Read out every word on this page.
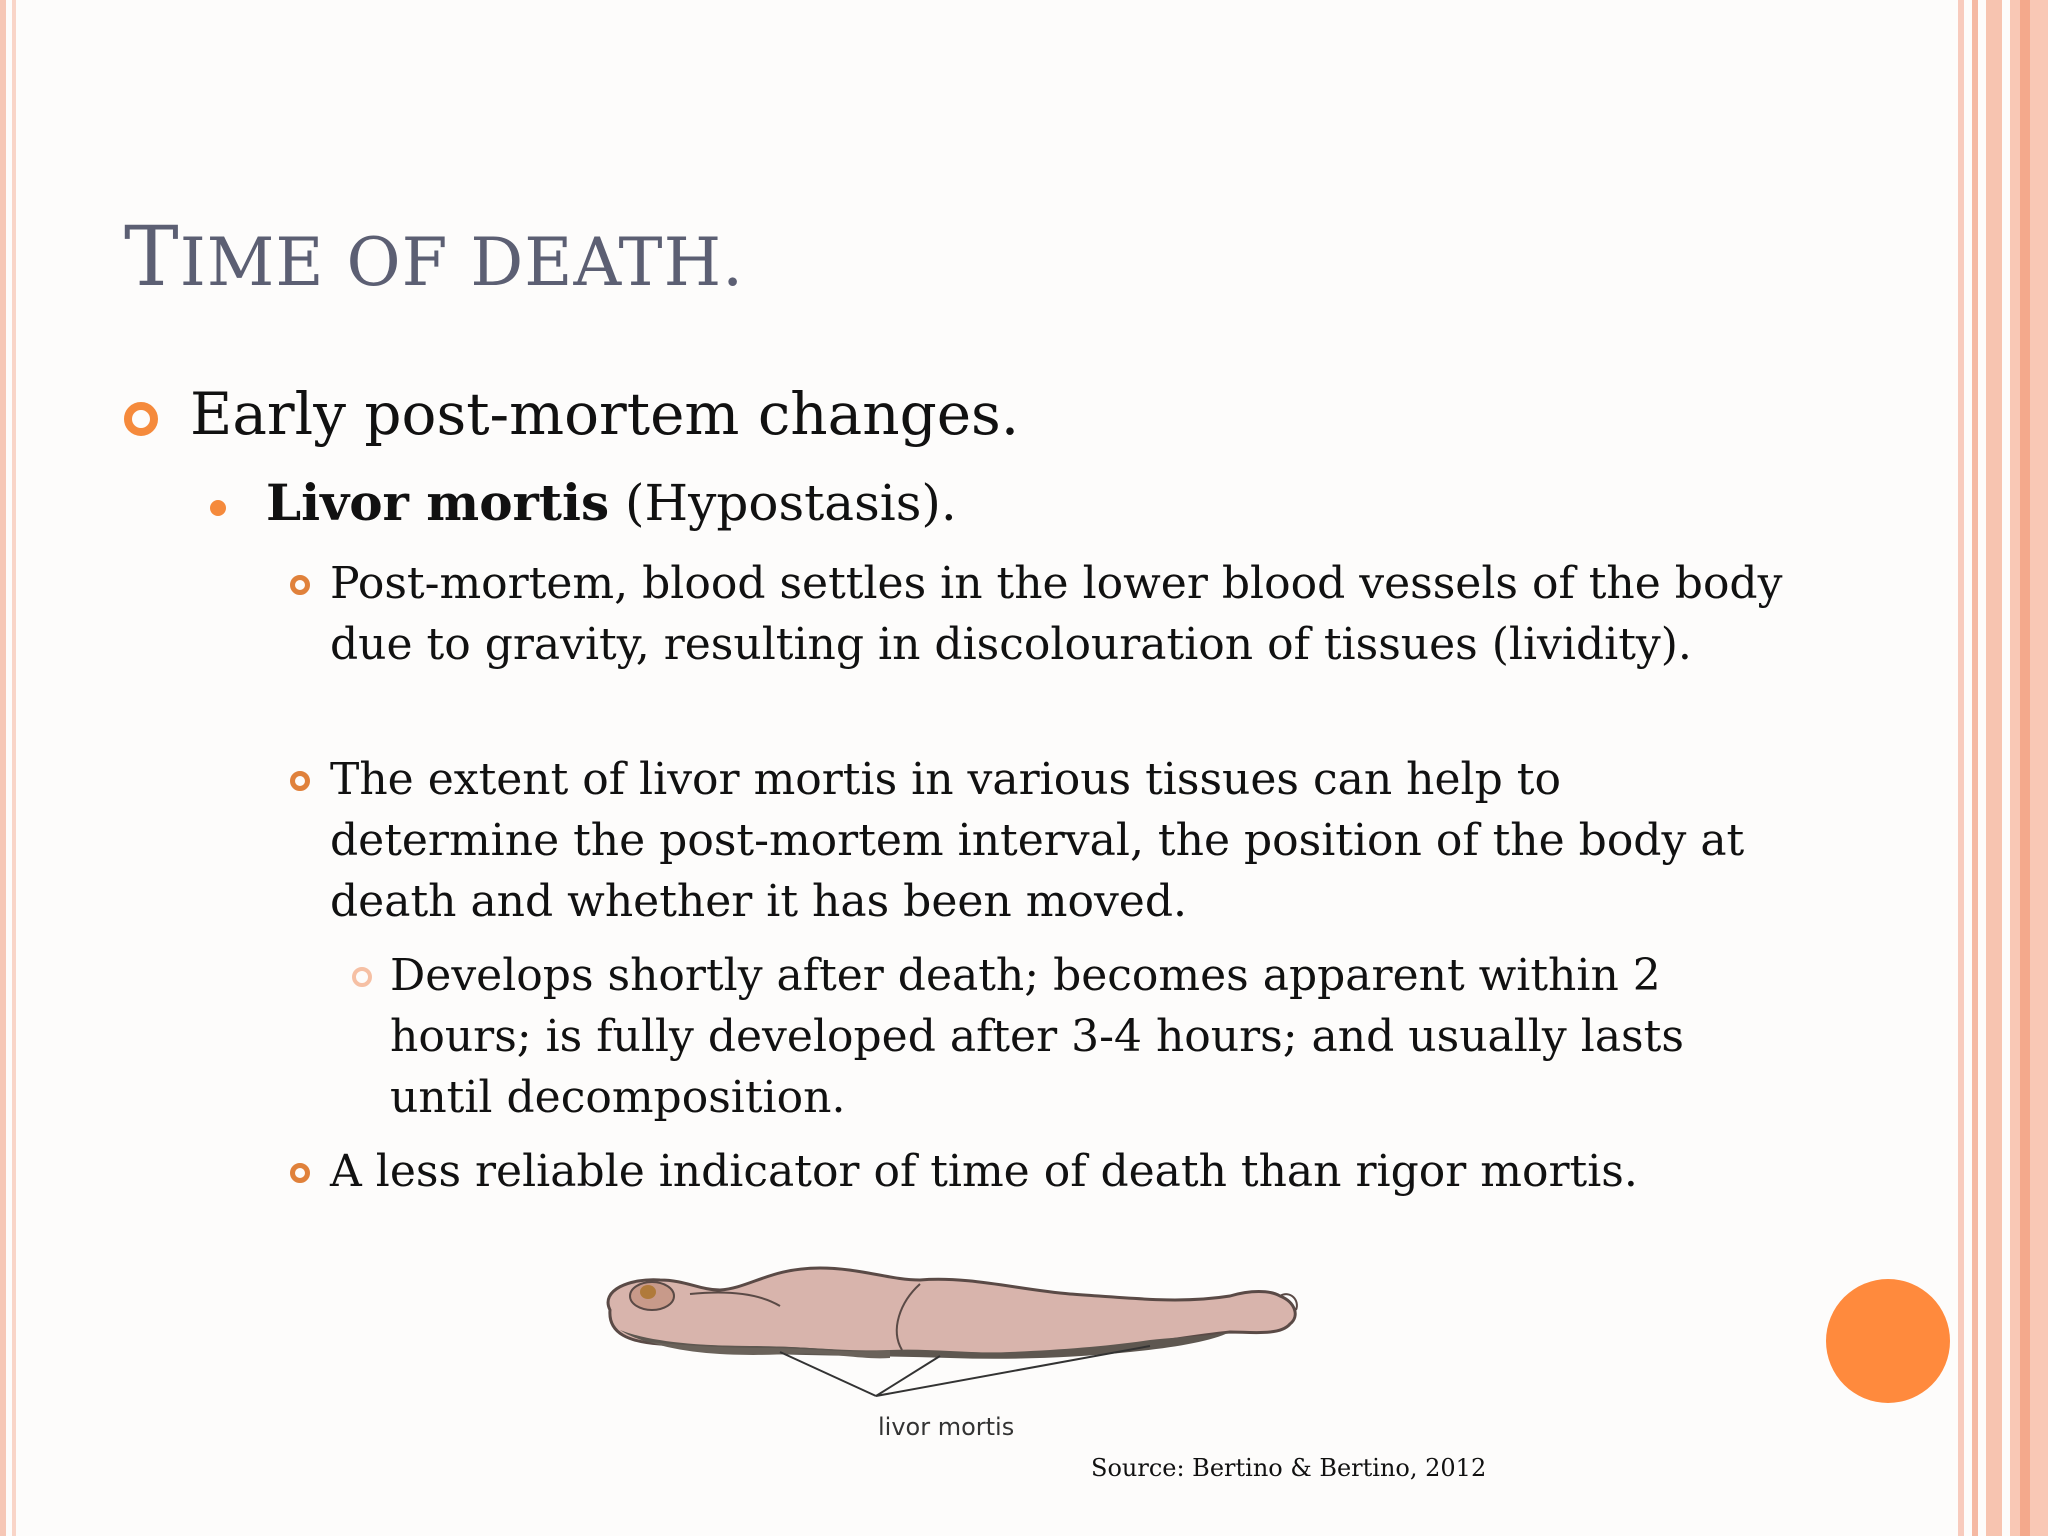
TIME OF DEATH.
Early post-mortem changes.
Livor mortis (Hypostasis).
Post-mortem, blood settles in the lower blood vessels of the body due to gravity, resulting in discolouration of tissues (lividity).
The extent of livor mortis in various tissues can help to determine the post-mortem interval, the position of the body at death and whether it has been moved.
Develops shortly after death; becomes apparent within 2 hours; is fully developed after 3-4 hours; and usually lasts until decomposition.
A less reliable indicator of time of death than rigor mortis.
livor mortis
Source: Bertino & Bertino, 2012
